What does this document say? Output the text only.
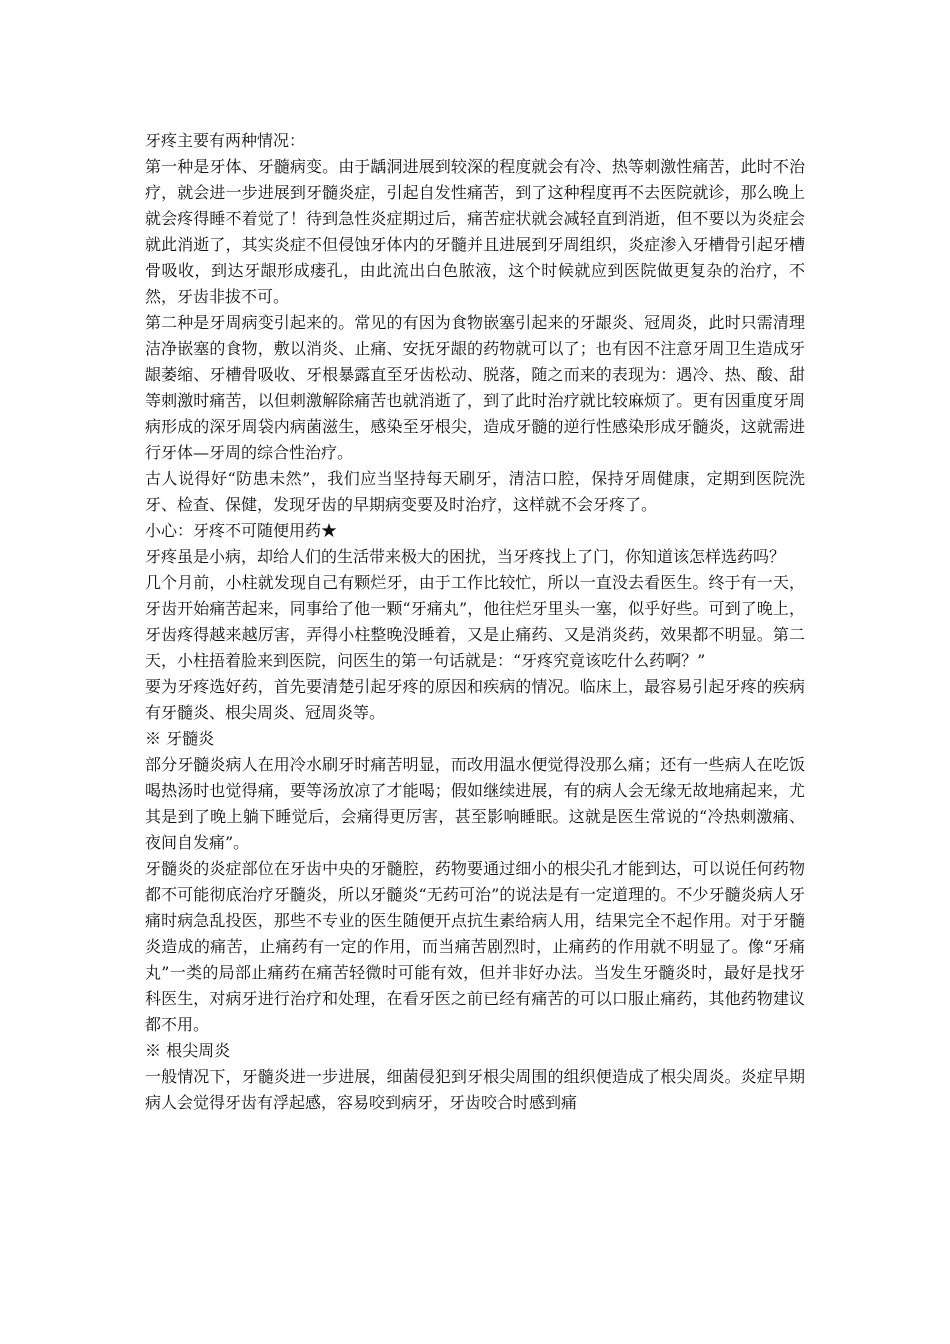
牙疼主要有两种情况：

第一种是牙体、牙髓病变。由于龋洞进展到较深的程度就会有冷、热等刺激性痛苦，此时不治疗，就会进一步进展到牙髓炎症，引起自发性痛苦，到了这种程度再不去医院就诊，那么晚上就会疼得睡不着觉了！待到急性炎症期过后，痛苦症状就会减轻直到消逝，但不要以为炎症会就此消逝了，其实炎症不但侵蚀牙体内的牙髓并且进展到牙周组织，炎症渗入牙槽骨引起牙槽骨吸收，到达牙龈形成瘘孔，由此流出白色脓液，这个时候就应到医院做更复杂的治疗，不然，牙齿非拔不可。

第二种是牙周病变引起来的。常见的有因为食物嵌塞引起来的牙龈炎、冠周炎，此时只需清理洁净嵌塞的食物，敷以消炎、止痛、安抚牙龈的药物就可以了；也有因不注意牙周卫生造成牙龈萎缩、牙槽骨吸收、牙根暴露直至牙齿松动、脱落，随之而来的表现为：遇冷、热、酸、甜等刺激时痛苦，以但刺激解除痛苦也就消逝了，到了此时治疗就比较麻烦了。更有因重度牙周病形成的深牙周袋内病菌滋生，感染至牙根尖，造成牙髓的逆行性感染形成牙髓炎，这就需进行牙体—牙周的综合性治疗。

古人说得好“防患未然”，我们应当坚持每天刷牙，清洁口腔，保持牙周健康，定期到医院洗牙、检查、保健，发现牙齿的早期病变要及时治疗，这样就不会牙疼了。

小心：牙疼不可随便用药★

牙疼虽是小病，却给人们的生活带来极大的困扰，当牙疼找上了门，你知道该怎样选药吗？

几个月前，小柱就发现自己有颗烂牙，由于工作比较忙，所以一直没去看医生。终于有一天，牙齿开始痛苦起来，同事给了他一颗“牙痛丸”，他往烂牙里头一塞，似乎好些。可到了晚上，牙齿疼得越来越厉害，弄得小柱整晚没睡着，又是止痛药、又是消炎药，效果都不明显。第二天，小柱捂着脸来到医院，问医生的第一句话就是：“牙疼究竟该吃什么药啊？”

要为牙疼选好药，首先要清楚引起牙疼的原因和疾病的情况。临床上，最容易引起牙疼的疾病有牙髓炎、根尖周炎、冠周炎等。

※ 牙髓炎

部分牙髓炎病人在用冷水刷牙时痛苦明显，而改用温水便觉得没那么痛；还有一些病人在吃饭喝热汤时也觉得痛，要等汤放凉了才能喝；假如继续进展，有的病人会无缘无故地痛起来，尤其是到了晚上躺下睡觉后，会痛得更厉害，甚至影响睡眠。这就是医生常说的“冷热刺激痛、夜间自发痛”。

牙髓炎的炎症部位在牙齿中央的牙髓腔，药物要通过细小的根尖孔才能到达，可以说任何药物都不可能彻底治疗牙髓炎，所以牙髓炎“无药可治”的说法是有一定道理的。不少牙髓炎病人牙痛时病急乱投医，那些不专业的医生随便开点抗生素给病人用，结果完全不起作用。对于牙髓炎造成的痛苦，止痛药有一定的作用，而当痛苦剧烈时，止痛药的作用就不明显了。像“牙痛丸”一类的局部止痛药在痛苦轻微时可能有效，但并非好办法。当发生牙髓炎时，最好是找牙科医生，对病牙进行治疗和处理，在看牙医之前已经有痛苦的可以口服止痛药，其他药物建议都不用。

※ 根尖周炎

一般情况下，牙髓炎进一步进展，细菌侵犯到牙根尖周围的组织便造成了根尖周炎。炎症早期病人会觉得牙齿有浮起感，容易咬到病牙，牙齿咬合时感到痛
